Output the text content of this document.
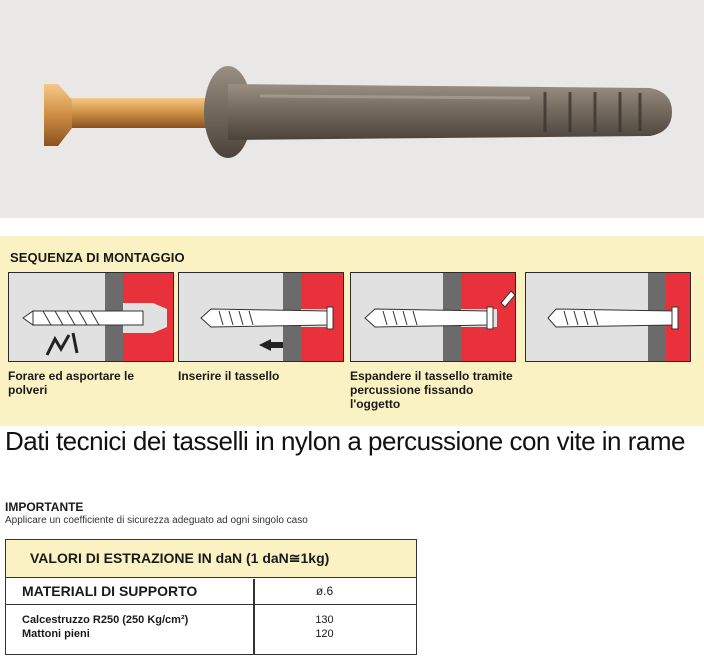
SEQUENZA DI MONTAGGIO
Forare ed asportare le polveri
Inserire il tassello	Espandere il tassello tramite percussione fissando l'oggetto
Dati tecnici dei tasselli in nylon a percussione con vite in rame
IMPORTANTE
Applicare un coefficiente di sicurezza adeguato ad ogni singolo caso
VALORI DI ESTRAZIONE IN daN (1 daN≅1kg)
MATERIALI DI SUPPORTO	ø.6
Calcestruzzo R250 (250 Kg/cm²)
Mattoni pieni
130
120
